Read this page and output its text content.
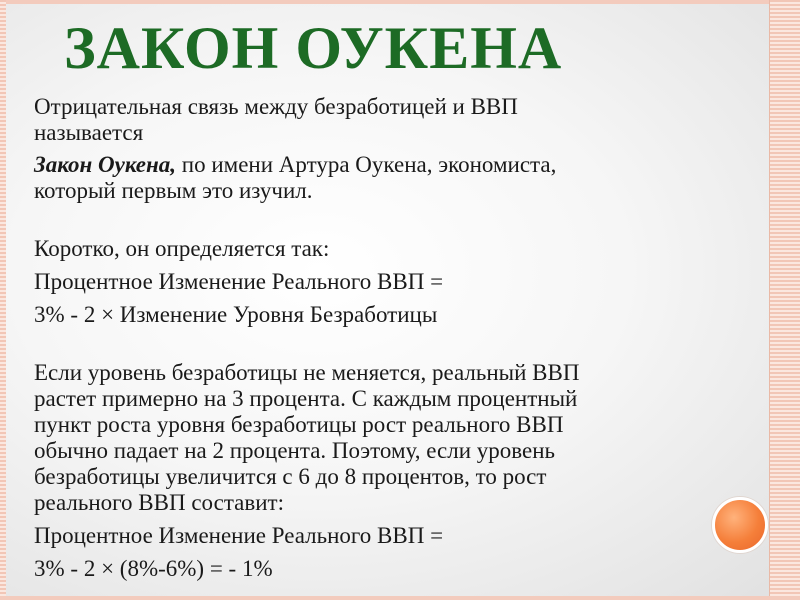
ЗАКОН ОУКЕНА

Отрицательная связь между безработицей и ВВП

называется

Закон Оукена, по имени Артура Оукена, экономиста,

который первым это изучил.

Коротко, он определяется так:

Процентное Изменение Реального ВВП =

3% - 2 × Изменение Уровня Безработицы

Если уровень безработицы не меняется, реальный ВВП

растет примерно на 3 процента. С каждым процентный

пункт роста уровня безработицы рост реального ВВП

обычно падает на 2 процента. Поэтому, если уровень

безработицы увеличится с 6 до 8 процентов, то рост

реального ВВП составит:

Процентное Изменение Реального ВВП =

3% - 2 × (8%-6%) = - 1%
